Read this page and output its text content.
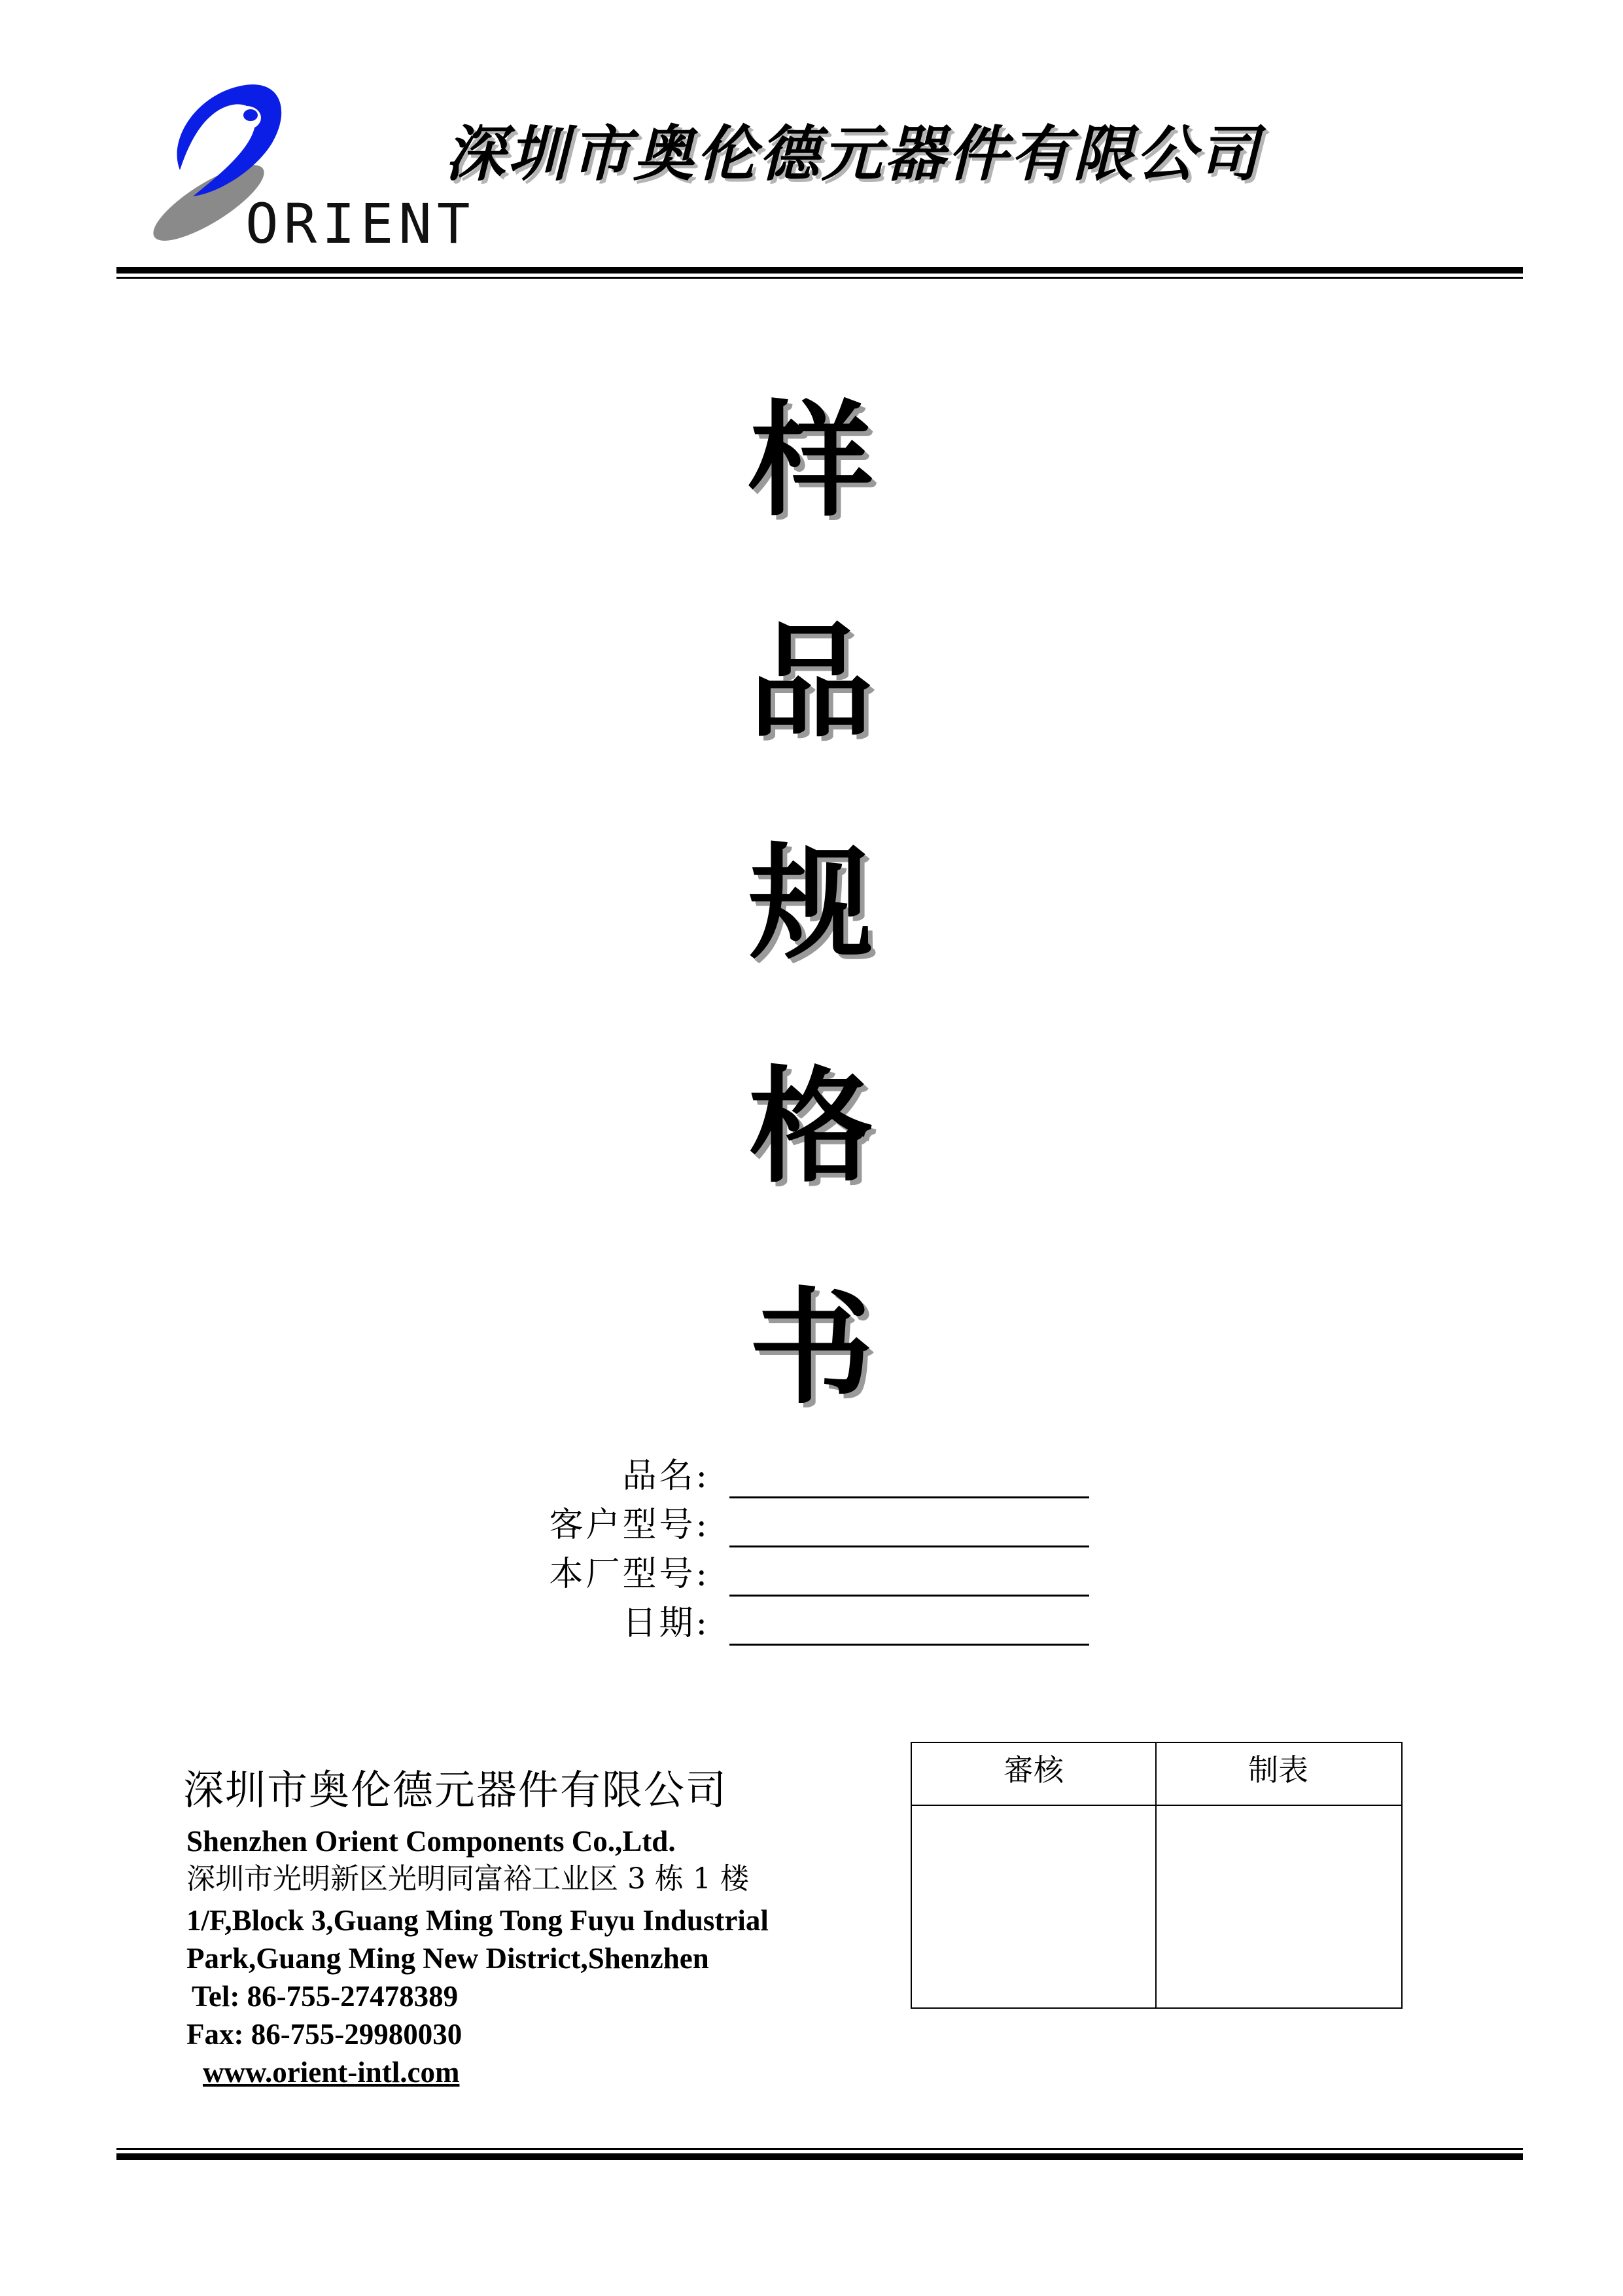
ORIENT
深圳市奥伦德元器件有限公司
样
品
规
格
书
品名:
客户型号:
本厂型号:
日期:
深圳市奥伦德元器件有限公司
Shenzhen Orient Components Co.,Ltd.
深圳市光明新区光明同富裕工业区 3 栋 1 楼
1/F,Block 3,Guang Ming Tong Fuyu Industrial
Park,Guang Ming New District,Shenzhen
Tel: 86-755-27478389
Fax: 86-755-29980030
www.orient-intl.com
審核	制表
